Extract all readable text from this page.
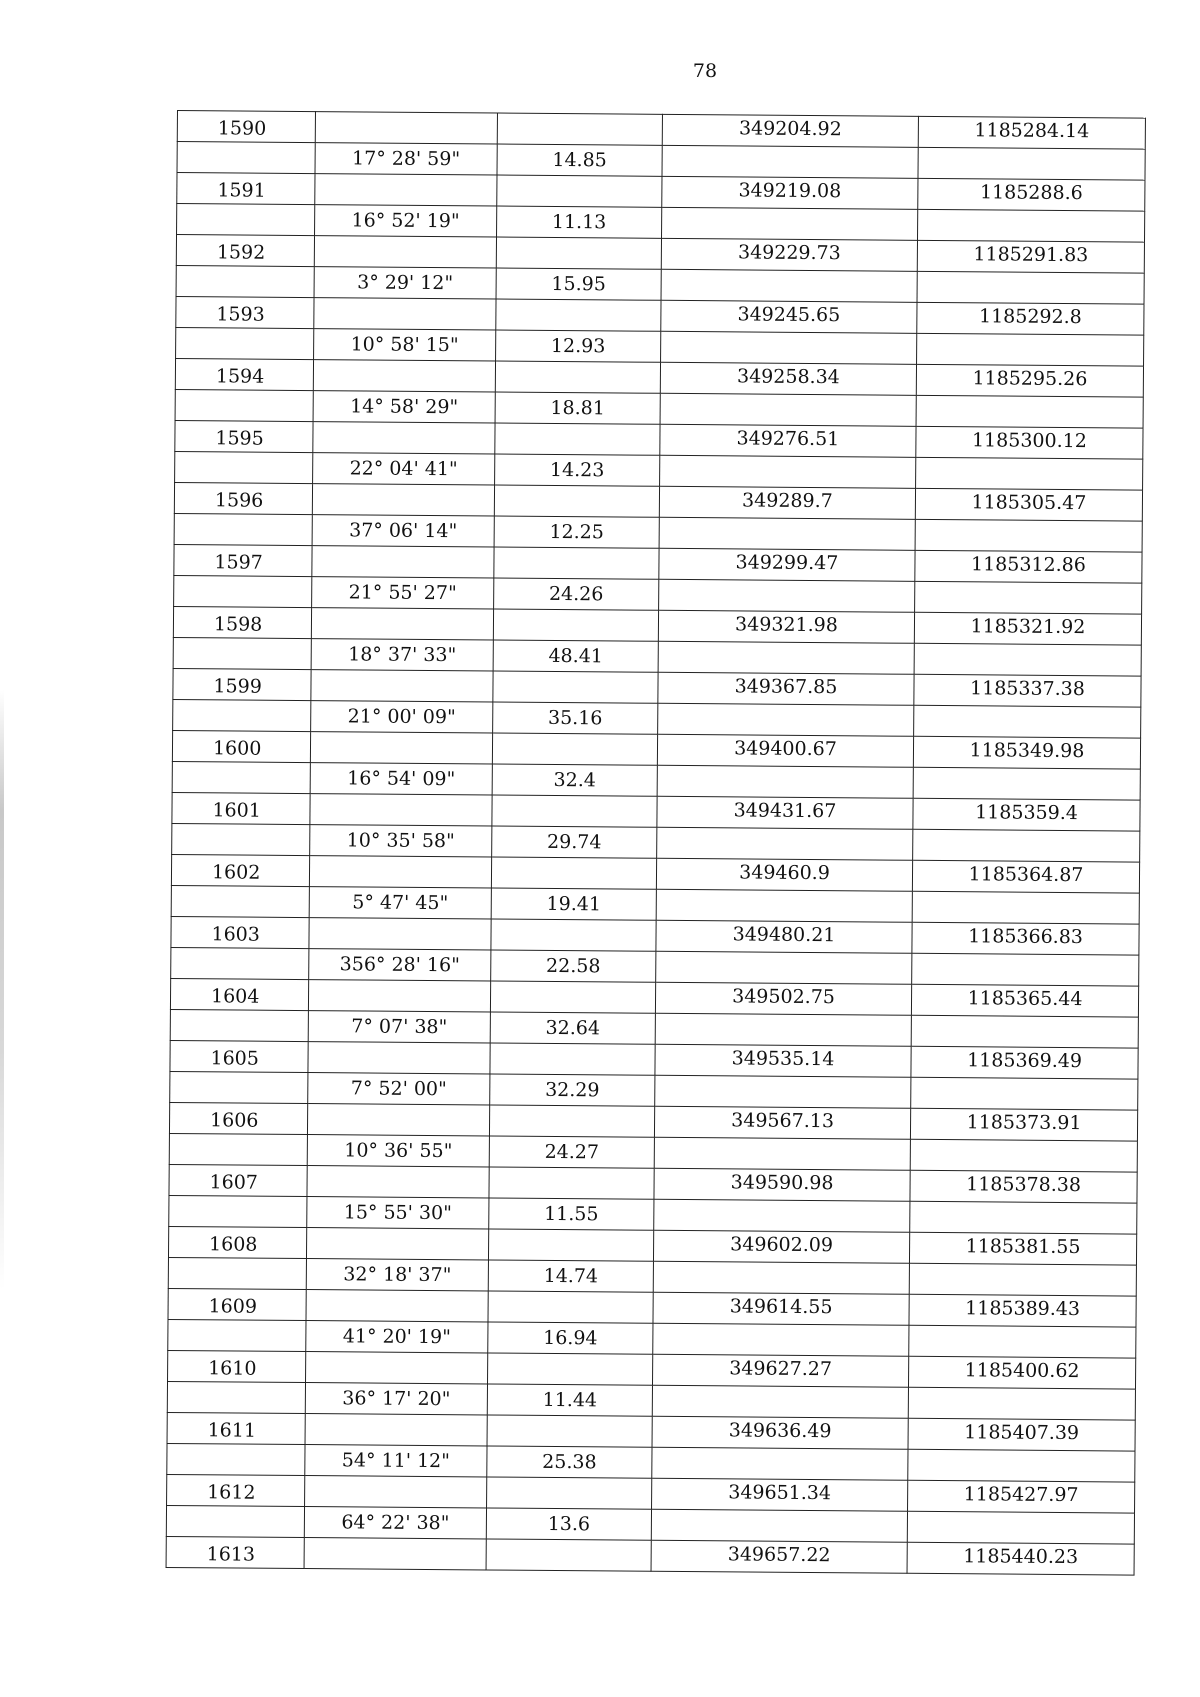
78
1590			349204.92	1185284.14
	17° 28' 59"	14.85		
1591			349219.08	1185288.6
	16° 52' 19"	11.13		
1592			349229.73	1185291.83
	3° 29' 12"	15.95		
1593			349245.65	1185292.8
	10° 58' 15"	12.93		
1594			349258.34	1185295.26
	14° 58' 29"	18.81		
1595			349276.51	1185300.12
	22° 04' 41"	14.23		
1596			349289.7	1185305.47
	37° 06' 14"	12.25		
1597			349299.47	1185312.86
	21° 55' 27"	24.26		
1598			349321.98	1185321.92
	18° 37' 33"	48.41		
1599			349367.85	1185337.38
	21° 00' 09"	35.16		
1600			349400.67	1185349.98
	16° 54' 09"	32.4		
1601			349431.67	1185359.4
	10° 35' 58"	29.74		
1602			349460.9	1185364.87
	5° 47' 45"	19.41		
1603			349480.21	1185366.83
	356° 28' 16"	22.58		
1604			349502.75	1185365.44
	7° 07' 38"	32.64		
1605			349535.14	1185369.49
	7° 52' 00"	32.29		
1606			349567.13	1185373.91
	10° 36' 55"	24.27		
1607			349590.98	1185378.38
	15° 55' 30"	11.55		
1608			349602.09	1185381.55
	32° 18' 37"	14.74		
1609			349614.55	1185389.43
	41° 20' 19"	16.94		
1610			349627.27	1185400.62
	36° 17' 20"	11.44		
1611			349636.49	1185407.39
	54° 11' 12"	25.38		
1612			349651.34	1185427.97
	64° 22' 38"	13.6		
1613			349657.22	1185440.23
